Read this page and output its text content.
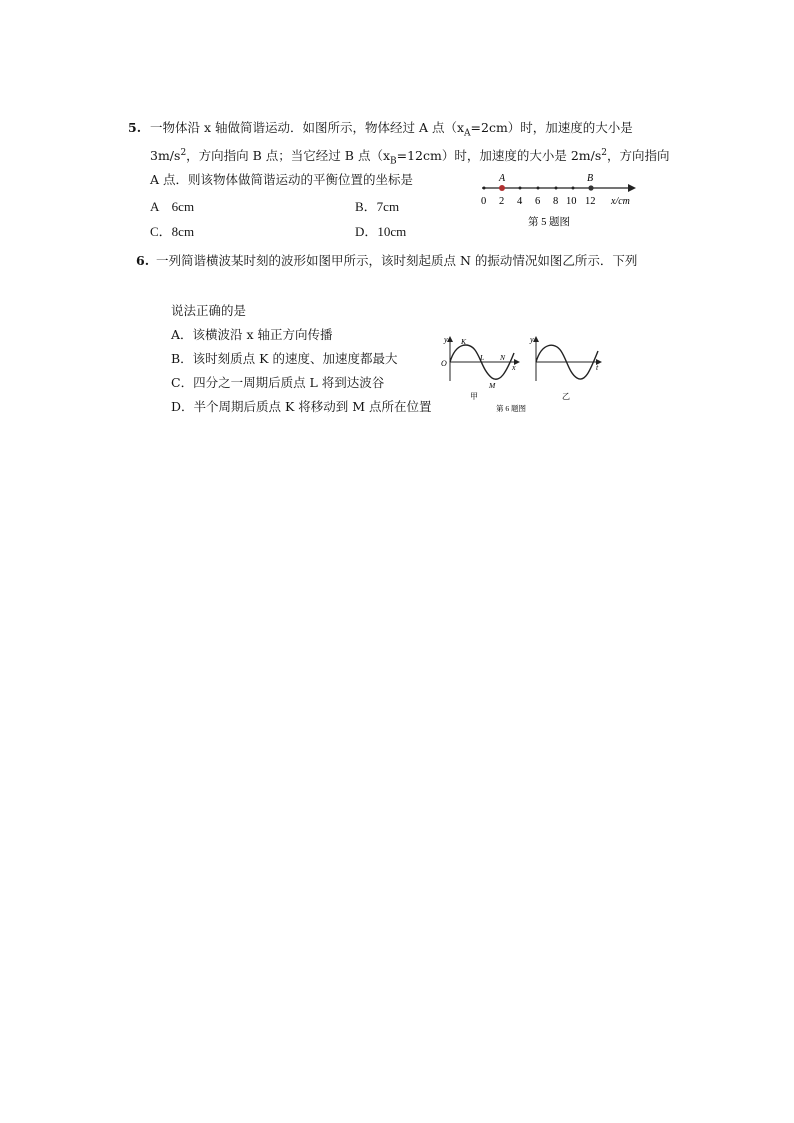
5. 一物体沿 x 轴做简谐运动．如图所示，物体经过 A 点$(x_A=2cm)$时，加速度的大小是
$3m/s^2$，方向指向 B 点；当它经过 B 点$(x_B=12cm)$时，加速度的大小是 $2m/s^2$，方向指向
A 点．则该物体做简谐运动的平衡位置的坐标是
A　6cm	B．7cm
C．8cm	D．10cm
A	B
0 2 4 6 8 10 12 x/cm
第 5 题图
6. 一列简谐横波某时刻的波形如图甲所示，该时刻起质点 N 的振动情况如图乙所示．下列
说法正确的是
A．该横波沿 x 轴正方向传播
B．该时刻质点 K 的速度、加速度都最大
C．四分之一周期后质点 L 将到达波谷
D．半个周期后质点 K 将移动到 M 点所在位置
y
O
K
L N
x
M
甲
y
t
乙
第 6 题图
